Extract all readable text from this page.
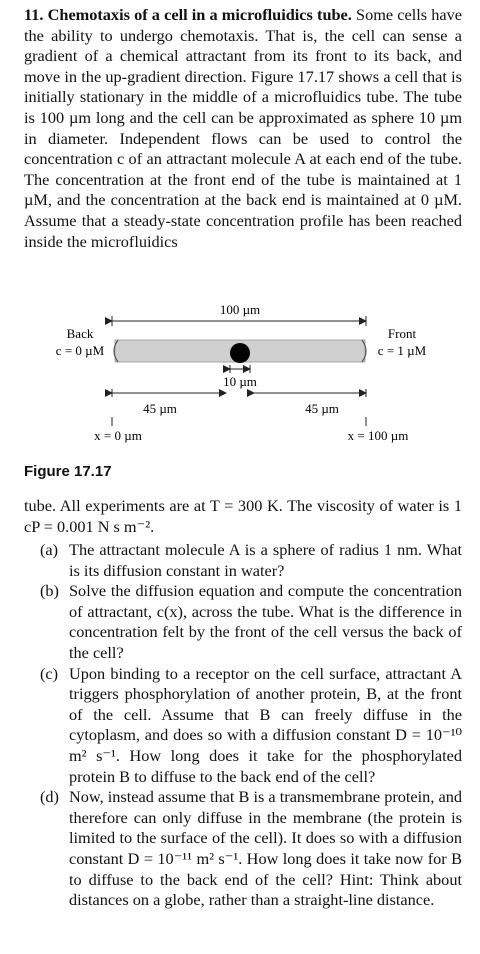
11. Chemotaxis of a cell in a microfluidics tube. Some cells have the ability to undergo chemotaxis. That is, the cell can sense a gradient of a chemical attractant from its front to its back, and move in the up-gradient direction. Figure 17.17 shows a cell that is initially stationary in the middle of a microfluidics tube. The tube is 100 µm long and the cell can be approximated as sphere 10 µm in diameter. Independent flows can be used to control the concentration c of an attractant molecule A at each end of the tube. The concentration at the front end of the tube is maintained at 1 µM, and the concentration at the back end is maintained at 0 µM. Assume that a steady-state concentration profile has been reached inside the microfluidics

100 µm
Back
c = 0 µM
Front
c = 1 µM
10 µm
45 µm	45 µm
x = 0 µm	x = 100 µm
Figure 17.17

tube. All experiments are at T = 300 K. The viscosity of water is 1 cP = 0.001 N s m⁻².

(a) The attractant molecule A is a sphere of radius 1 nm. What is its diffusion constant in water?
(b) Solve the diffusion equation and compute the concentration of attractant, c(x), across the tube. What is the difference in concentration felt by the front of the cell versus the back of the cell?
(c) Upon binding to a receptor on the cell surface, attractant A triggers phosphorylation of another protein, B, at the front of the cell. Assume that B can freely diffuse in the cytoplasm, and does so with a diffusion constant D = 10⁻¹⁰ m² s⁻¹. How long does it take for the phosphorylated protein B to diffuse to the back end of the cell?
(d) Now, instead assume that B is a transmembrane protein, and therefore can only diffuse in the membrane (the protein is limited to the surface of the cell). It does so with a diffusion constant D = 10⁻¹¹ m² s⁻¹. How long does it take now for B to diffuse to the back end of the cell? Hint: Think about distances on a globe, rather than a straight-line distance.
